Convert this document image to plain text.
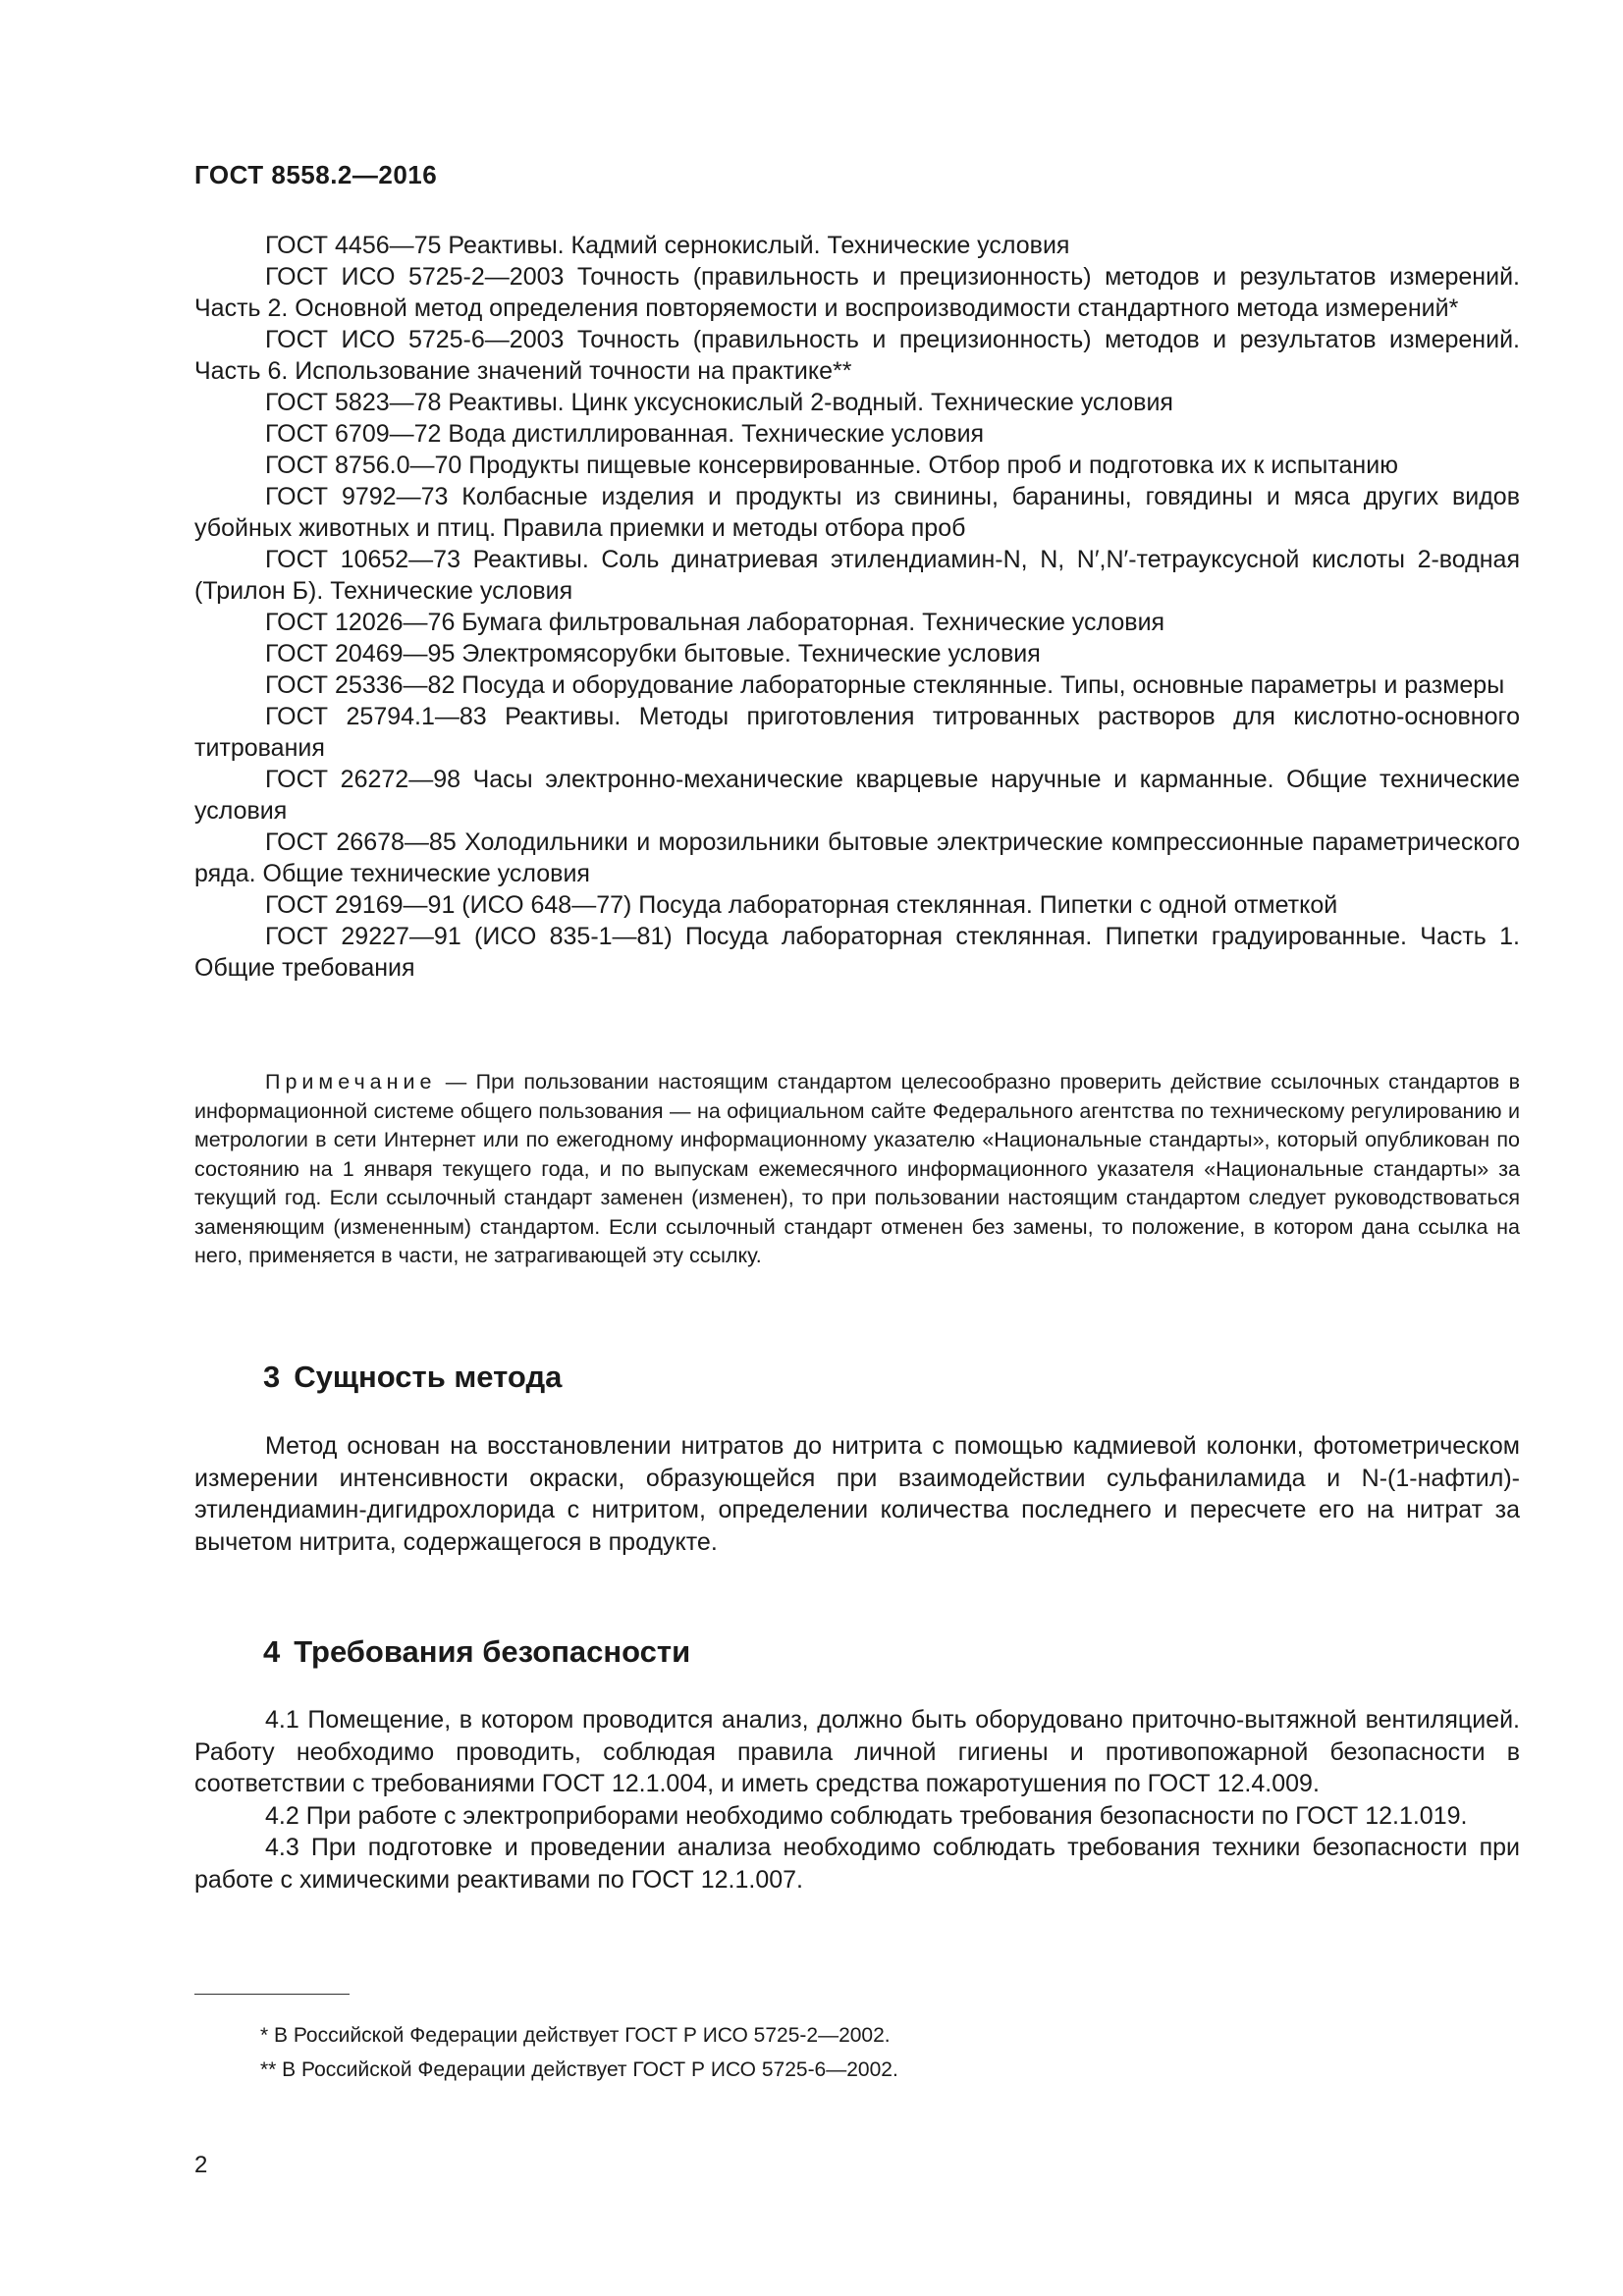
ГОСТ 8558.2—2016

ГОСТ 4456—75 Реактивы. Кадмий сернокислый. Технические условия

ГОСТ ИСО 5725-2—2003 Точность (правильность и прецизионность) методов и результатов измерений. Часть 2. Основной метод определения повторяемости и воспроизводимости стандартного метода измерений*

ГОСТ ИСО 5725-6—2003 Точность (правильность и прецизионность) методов и результатов измерений. Часть 6. Использование значений точности на практике**

ГОСТ 5823—78 Реактивы. Цинк уксуснокислый 2-водный. Технические условия

ГОСТ 6709—72 Вода дистиллированная. Технические условия

ГОСТ 8756.0—70 Продукты пищевые консервированные. Отбор проб и подготовка их к испытанию

ГОСТ 9792—73 Колбасные изделия и продукты из свинины, баранины, говядины и мяса других видов убойных животных и птиц. Правила приемки и методы отбора проб

ГОСТ 10652—73 Реактивы. Соль динатриевая этилендиамин-N, N, N′,N′-тетрауксусной кислоты 2-водная (Трилон Б). Технические условия

ГОСТ 12026—76 Бумага фильтровальная лабораторная. Технические условия

ГОСТ 20469—95 Электромясорубки бытовые. Технические условия

ГОСТ 25336—82 Посуда и оборудование лабораторные стеклянные. Типы, основные параметры и размеры

ГОСТ 25794.1—83 Реактивы. Методы приготовления титрованных растворов для кислотно-основного титрования

ГОСТ 26272—98 Часы электронно-механические кварцевые наручные и карманные. Общие технические условия

ГОСТ 26678—85 Холодильники и морозильники бытовые электрические компрессионные параметрического ряда. Общие технические условия

ГОСТ 29169—91 (ИСО 648—77) Посуда лабораторная стеклянная. Пипетки с одной отметкой

ГОСТ 29227—91 (ИСО 835-1—81) Посуда лабораторная стеклянная. Пипетки градуированные. Часть 1. Общие требования

Примечание — При пользовании настоящим стандартом целесообразно проверить действие ссылочных стандартов в информационной системе общего пользования — на официальном сайте Федерального агентства по техническому регулированию и метрологии в сети Интернет или по ежегодному информационному указателю «Национальные стандарты», который опубликован по состоянию на 1 января текущего года, и по выпускам ежемесячного информационного указателя «Национальные стандарты» за текущий год. Если ссылочный стандарт заменен (изменен), то при пользовании настоящим стандартом следует руководствоваться заменяющим (измененным) стандартом. Если ссылочный стандарт отменен без замены, то положение, в котором дана ссылка на него, применяется в части, не затрагивающей эту ссылку.

3 Сущность метода

Метод основан на восстановлении нитратов до нитрита с помощью кадмиевой колонки, фотометрическом измерении интенсивности окраски, образующейся при взаимодействии сульфаниламида и N-(1-нафтил)-этилендиамин-дигидрохлорида с нитритом, определении количества последнего и пересчете его на нитрат за вычетом нитрита, содержащегося в продукте.

4 Требования безопасности

4.1 Помещение, в котором проводится анализ, должно быть оборудовано приточно-вытяжной вентиляцией. Работу необходимо проводить, соблюдая правила личной гигиены и противопожарной безопасности в соответствии с требованиями ГОСТ 12.1.004, и иметь средства пожаротушения по ГОСТ 12.4.009.

4.2 При работе с электроприборами необходимо соблюдать требования безопасности по ГОСТ 12.1.019.

4.3 При подготовке и проведении анализа необходимо соблюдать требования техники безопасности при работе с химическими реактивами по ГОСТ 12.1.007.

* В Российской Федерации действует ГОСТ Р ИСО 5725-2—2002.

** В Российской Федерации действует ГОСТ Р ИСО 5725-6—2002.

2
